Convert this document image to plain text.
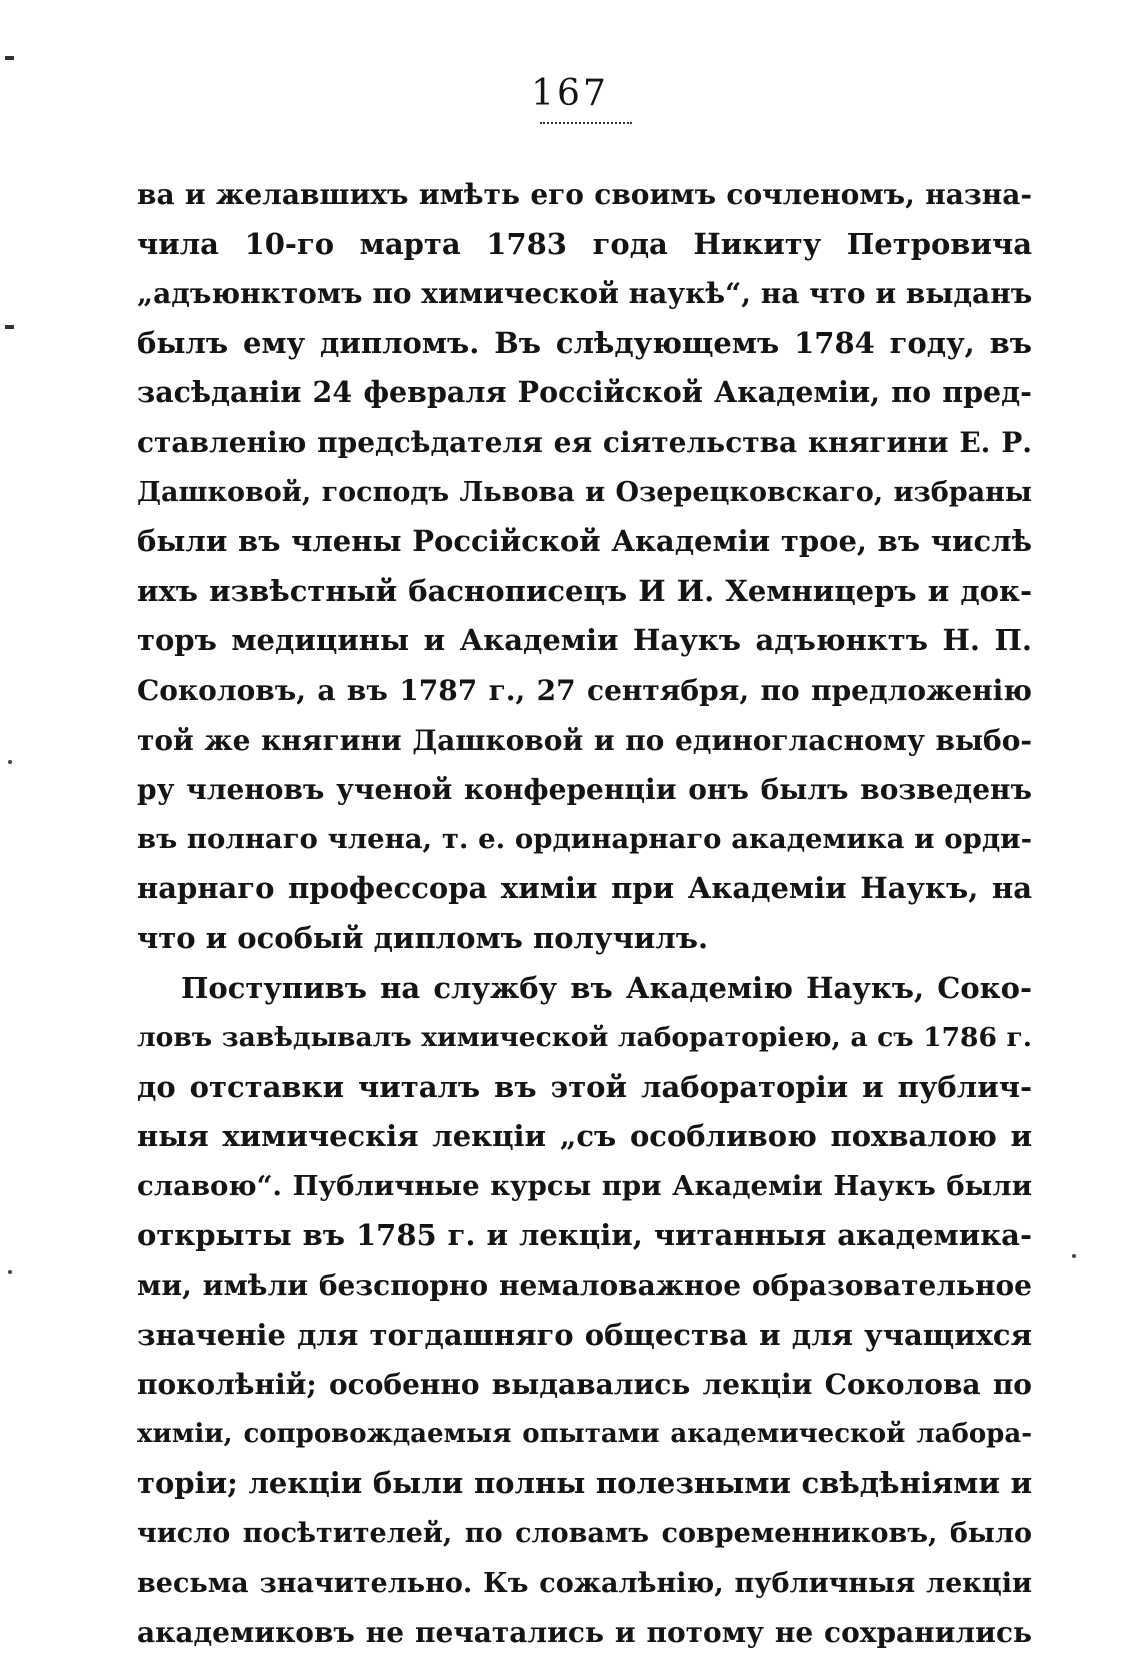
167
ва и желавшихъ имѣть его своимъ сочленомъ, назна-
чила 10-го марта 1783 года Никиту Петровича
„адъюнктомъ по химической наукѣ“, на что и выданъ
былъ ему дипломъ. Въ слѣдующемъ 1784 году, въ
засѣданіи 24 февраля Россійской Академіи, по пред-
ставленію предсѣдателя ея сіятельства княгини Е. Р.
Дашковой, господъ Львова и Озерецковскаго, избраны
были въ члены Россійской Академіи трое, въ числѣ
ихъ извѣстный баснописецъ И И. Хемницеръ и док-
торъ медицины и Академіи Наукъ адъюнктъ Н. П.
Соколовъ, а въ 1787 г., 27 сентября, по предложенію
той же княгини Дашковой и по единогласному выбо-
ру членовъ ученой конференціи онъ былъ возведенъ
въ полнаго члена, т. е. ординарнаго академика и орди-
нарнаго профессора химіи при Академіи Наукъ, на
что и особый дипломъ получилъ.
Поступивъ на службу въ Академію Наукъ, Соко-
ловъ завѣдывалъ химической лабораторіею, а съ 1786 г.
до отставки читалъ въ этой лабораторіи и публич-
ныя химическія лекціи „съ особливою похвалою и
славою“. Публичные курсы при Академіи Наукъ были
открыты въ 1785 г. и лекціи, читанныя академика-
ми, имѣли безспорно немаловажное образовательное
значеніе для тогдашняго общества и для учащихся
поколѣній; особенно выдавались лекціи Соколова по
химіи, сопровождаемыя опытами академической лабора-
торіи; лекціи были полны полезными свѣдѣніями и
число посѣтителей, по словамъ современниковъ, было
весьма значительно. Къ сожалѣнію, публичныя лекціи
академиковъ не печатались и потому не сохранились
